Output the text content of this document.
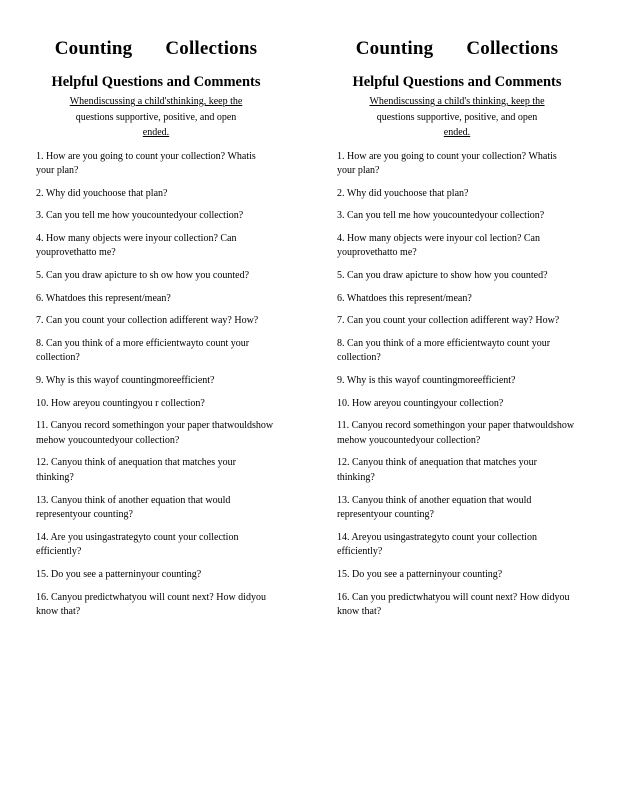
Counting Collections
Helpful Questions and Comments
Whendiscussing a child'sthinking, keep the
questions supportive, positive, and open
ended.
1. How are you going to count your collection? Whatis your plan?
2. Why did youchoose that plan?
3. Can you tell me how youcountedyour collection?
4. How many objects were inyour collection? Can youprovethatto me?
5. Can you draw apicture to sh ow how you counted?
6. Whatdoes this represent/mean?
7. Can you count your collection adifferent way? How?
8. Can you think of a more efficientwayto count your collection?
9. Why is this wayof countingmoreefficient?
10. How areyou countingyou r collection?
11. Canyou record somethingon your paper thatwouldshow mehow youcountedyour collection?
12. Canyou think of anequation that matches your thinking?
13. Canyou think of another equation that would representyour counting?
14. Are you usingastrategyto count your collection efficiently?
15. Do you see a patterninyour counting?
16. Canyou predictwhatyou will count next? How didyou know that?
Counting Collections
Helpful Questions and Comments
Whendiscussing a child's thinking, keep the
questions supportive, positive, and open
ended.
1. How are you going to count your collection? Whatis your plan?
2. Why did youchoose that plan?
3. Can you tell me how youcountedyour collection?
4. How many objects were inyour col lection? Can youprovethatto me?
5. Can you draw apicture to show how you counted?
6. Whatdoes this represent/mean?
7. Can you count your collection adifferent way? How?
8. Can you think of a more efficientwayto count your collection?
9. Why is this wayof countingmoreefficient?
10. How areyou countingyour collection?
11. Canyou record somethingon your paper thatwouldshow mehow youcountedyour collection?
12. Canyou think of anequation that matches your thinking?
13. Canyou think of another equation that would representyour counting?
14. Areyou usingastrategyto count your collection efficiently?
15. Do you see a patterninyour counting?
16. Can you predictwhatyou will count next? How didyou know that?
